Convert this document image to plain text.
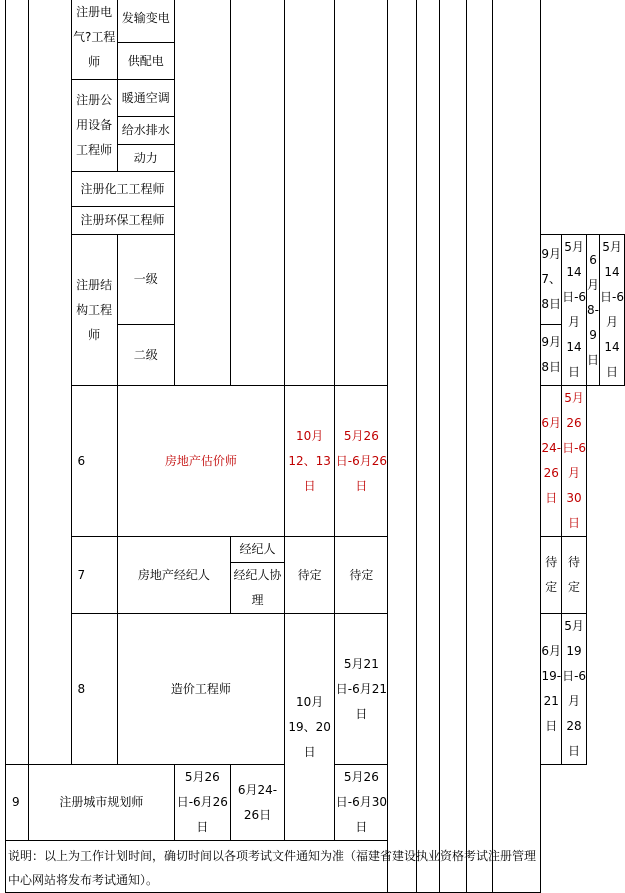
		注册电气?工程师	发输变电													
			供配电													
		注册公用设备工程师	暖通空调													
			给水排水													
			动力													
		注册化工工程师														
		注册环保工程师														
		注册结构工程师	一级										9月7、8日	5月14日-6月14日	6月8-9日	5月14日-6月14日
			二级										9月8日			
		6	房地产估价师			10月12、13日	5月26日-6月26日						6月24-26日	5月26日-6月30日		
		7	房地产经纪人		经纪人	待定	待定						待定	待定		
					经纪人协理											
		8	造价工程师			10月19、20日	5月21日-6月21日						6月19-21日	5月19日-6月28日		
9	注册城市规划师			5月26日-6月26日	6月24-26日		5月26日-6月30日									
说明：以上为工作计划时间，确切时间以各项考试文件通知为准（福建省建设执业资格考试注册管理中心网站将发布考试通知）。																
